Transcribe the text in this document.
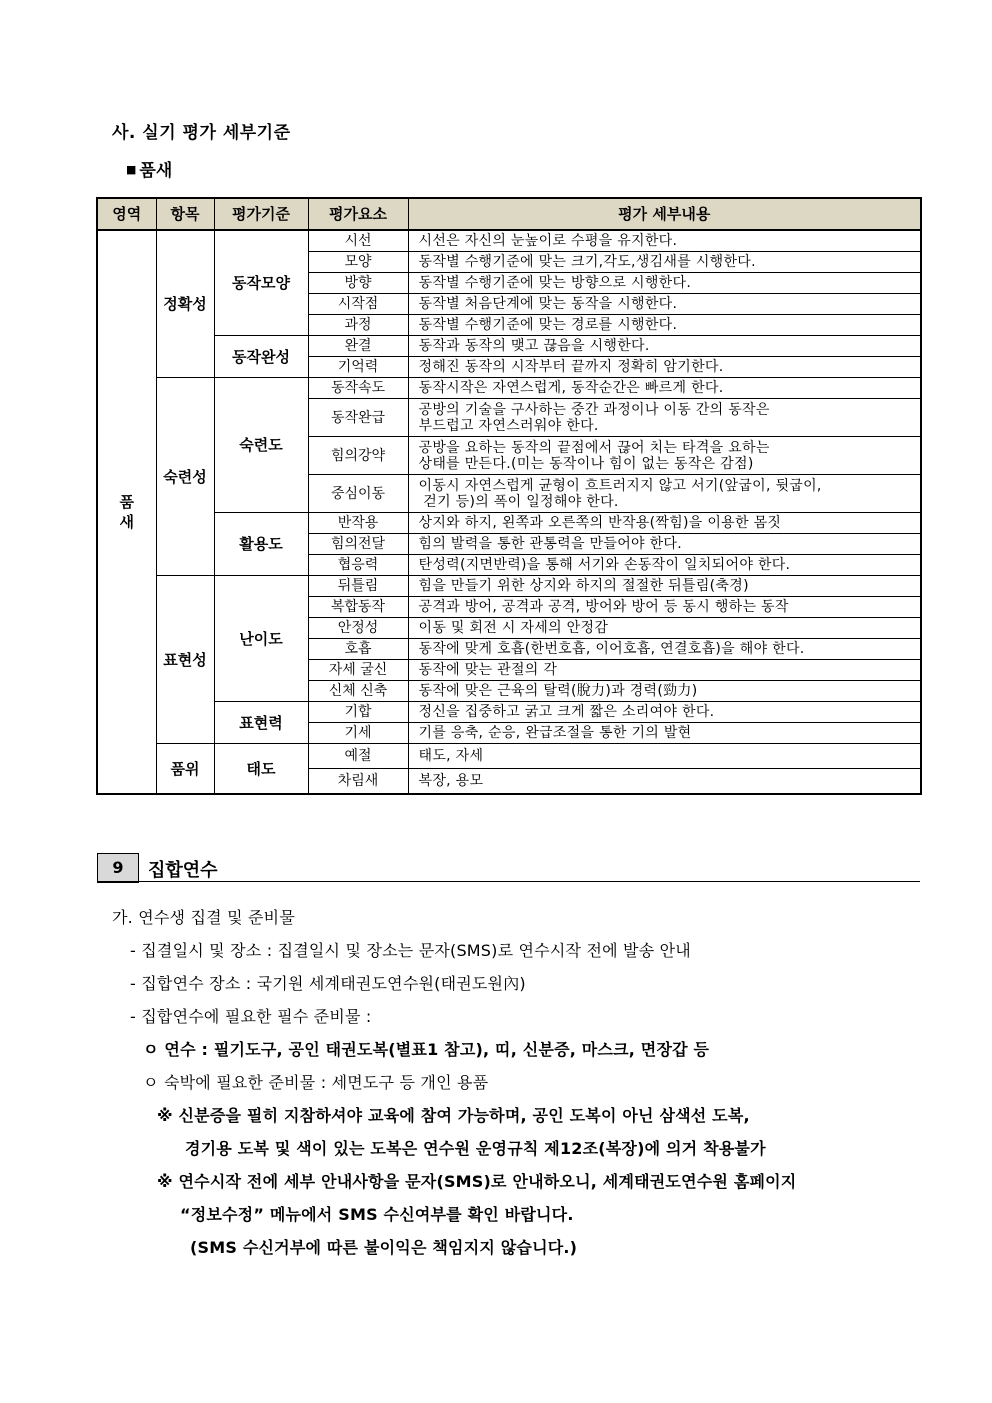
사. 실기 평가 세부기준
■ 품새
영역	항목	평가기준	평가요소	평가 세부내용
품
새	정확성	동작모양	시선	시선은 자신의 눈높이로 수평을 유지한다.
			모양	동작별 수행기준에 맞는 크기,각도,생김새를 시행한다.
			방향	동작별 수행기준에 맞는 방향으로 시행한다.
			시작점	동작별 처음단계에 맞는 동작을 시행한다.
			과정	동작별 수행기준에 맞는 경로를 시행한다.
		동작완성	완결	동작과 동작의 맺고 끊음을 시행한다.
			기억력	정해진 동작의 시작부터 끝까지 정확히 암기한다.
	숙련성	숙련도	동작속도	동작시작은 자연스럽게, 동작순간은 빠르게 한다.
			동작완급	공방의 기술을 구사하는 중간 과정이나 이동 간의 동작은
부드럽고 자연스러워야 한다.
			힘의강약	공방을 요하는 동작의 끝점에서 끊어 치는 타격을 요하는
상태를 만든다.(미는 동작이나 힘이 없는 동작은 감점)
			중심이동	이동시 자연스럽게 균형이 흐트러지지 않고 서기(앞굽이, 뒷굽이,
걷기 등)의 폭이 일정해야 한다.
		활용도	반작용	상지와 하지, 왼쪽과 오른쪽의 반작용(짝힘)을 이용한 몸짓
			힘의전달	힘의 발력을 통한 관통력을 만들어야 한다.
			협응력	탄성력(지면반력)을 통해 서기와 손동작이 일치되어야 한다.
	표현성	난이도	뒤틀림	힘을 만들기 위한 상지와 하지의 절절한 뒤틀림(축경)
			복합동작	공격과 방어, 공격과 공격, 방어와 방어 등 동시 행하는 동작
			안정성	이동 및 회전 시 자세의 안정감
			호흡	동작에 맞게 호흡(한번호흡, 이어호흡, 연결호흡)을 해야 한다.
			자세 굴신	동작에 맞는 관절의 각
			신체 신축	동작에 맞은 근육의 탈력(脫力)과 경력(勁力)
		표현력	기합	정신을 집중하고 굵고 크게 짧은 소리여야 한다.
			기세	기를 응축, 순응, 완급조절을 통한 기의 발현
	품위	태도	예절	태도, 자세
			차림새	복장, 용모
9	집합연수
가. 연수생 집결 및 준비물
- 집결일시 및 장소 : 집결일시 및 장소는 문자(SMS)로 연수시작 전에 발송 안내
- 집합연수 장소 : 국기원 세계태권도연수원(태권도원內)
- 집합연수에 필요한 필수 준비물 :
ㅇ 연수 : 필기도구, 공인 태권도복(별표1 참고), 띠, 신분증, 마스크, 면장갑 등
ㅇ 숙박에 필요한 준비물 : 세면도구 등 개인 용품
※ 신분증을 필히 지참하셔야 교육에 참여 가능하며, 공인 도복이 아닌 삼색선 도복,
경기용 도복 및 색이 있는 도복은 연수원 운영규칙 제12조(복장)에 의거 착용불가
※ 연수시작 전에 세부 안내사항을 문자(SMS)로 안내하오니, 세계태권도연수원 홈페이지
“정보수정” 메뉴에서 SMS 수신여부를 확인 바랍니다.
(SMS 수신거부에 따른 불이익은 책임지지 않습니다.)
